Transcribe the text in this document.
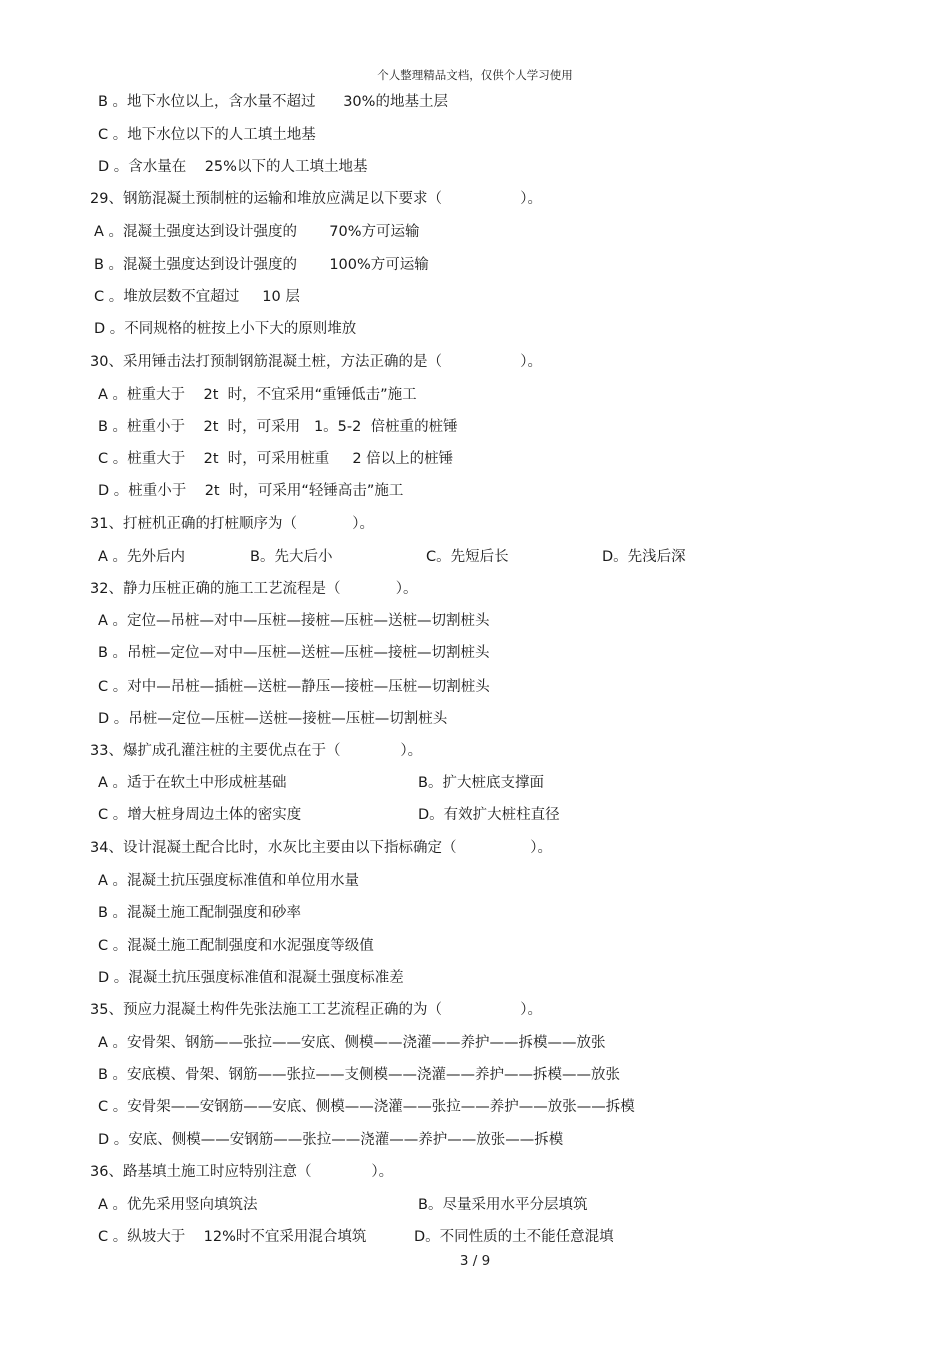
个人整理精品文档，仅供个人学习使用
B 。地下水位以上，含水量不超过      30%的地基土层
C 。地下水位以下的人工填土地基
D 。含水量在    25%以下的人工填土地基
29、钢筋混凝土预制桩的运输和堆放应满足以下要求（                 ）。
A 。混凝土强度达到设计强度的       70%方可运输
B 。混凝土强度达到设计强度的       100%方可运输
C 。堆放层数不宜超过     10 层
D 。不同规格的桩按上小下大的原则堆放
30、采用锤击法打预制钢筋混凝土桩，方法正确的是（                 ）。
A 。桩重大于    2t  时，不宜采用“重锤低击”施工
B 。桩重小于    2t  时，可采用   1。5-2  倍桩重的桩锤
C 。桩重大于    2t  时，可采用桩重     2 倍以上的桩锤
D 。桩重小于    2t  时，可采用“轻锤高击”施工
31、打桩机正确的打桩顺序为（            ）。
A 。先外后内	B。先大后小	C。先短后长	D。先浅后深
32、静力压桩正确的施工工艺流程是（            ）。
A 。定位—吊桩—对中—压桩—接桩—压桩—送桩—切割桩头
B 。吊桩—定位—对中—压桩—送桩—压桩—接桩—切割桩头
C 。对中—吊桩—插桩—送桩—静压—接桩—压桩—切割桩头
D 。吊桩—定位—压桩—送桩—接桩—压桩—切割桩头
33、爆扩成孔灌注桩的主要优点在于（             ）。
A 。适于在软土中形成桩基础	B。扩大桩底支撑面
C 。增大桩身周边土体的密实度	D。有效扩大桩柱直径
34、设计混凝土配合比时，水灰比主要由以下指标确定（                ）。
A 。混凝土抗压强度标准值和单位用水量
B 。混凝土施工配制强度和砂率
C 。混凝土施工配制强度和水泥强度等级值
D 。混凝土抗压强度标准值和混凝土强度标准差
35、预应力混凝土构件先张法施工工艺流程正确的为（                 ）。
A 。安骨架、钢筋——张拉——安底、侧模——浇灌——养护——拆模——放张
B 。安底模、骨架、钢筋——张拉——支侧模——浇灌——养护——拆模——放张
C 。安骨架——安钢筋——安底、侧模——浇灌——张拉——养护——放张——拆模
D 。安底、侧模——安钢筋——张拉——浇灌——养护——放张——拆模
36、路基填土施工时应特别注意（             ）。
A 。优先采用竖向填筑法	B。尽量采用水平分层填筑
C 。纵坡大于    12%时不宜采用混合填筑	D。不同性质的土不能任意混填
3 / 9
